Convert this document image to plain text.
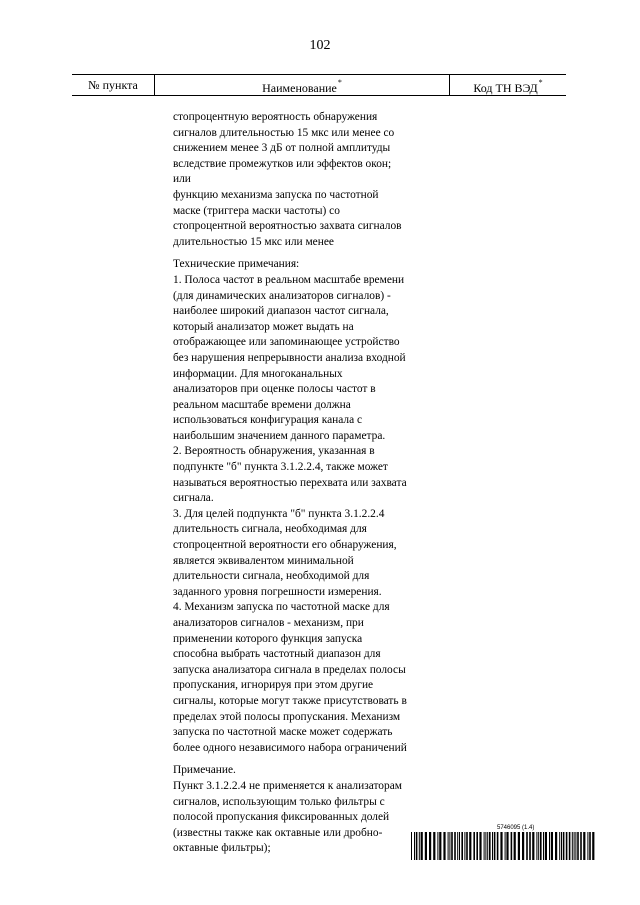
102
№ пункта	Наименование*	Код ТН ВЭД*
стопроцентную вероятность обнаружения
сигналов длительностью 15 мкс или менее со
снижением менее 3 дБ от полной амплитуды
вследствие промежутков или эффектов окон;
или
функцию механизма запуска по частотной
маске (триггера маски частоты) со
стопроцентной вероятностью захвата сигналов
длительностью 15 мкс или менее
Технические примечания:
1. Полоса частот в реальном масштабе времени
(для динамических анализаторов сигналов) -
наиболее широкий диапазон частот сигнала,
который анализатор может выдать на
отображающее или запоминающее устройство
без нарушения непрерывности анализа входной
информации. Для многоканальных
анализаторов при оценке полосы частот в
реальном масштабе времени должна
использоваться конфигурация канала с
наибольшим значением данного параметра.
2. Вероятность обнаружения, указанная в
подпункте "б" пункта 3.1.2.2.4, также может
называться вероятностью перехвата или захвата
сигнала.
3. Для целей подпункта "б" пункта 3.1.2.2.4
длительность сигнала, необходимая для
стопроцентной вероятности его обнаружения,
является эквивалентом минимальной
длительности сигнала, необходимой для
заданного уровня погрешности измерения.
4. Механизм запуска по частотной маске для
анализаторов сигналов - механизм, при
применении которого функция запуска
способна выбрать частотный диапазон для
запуска анализатора сигнала в пределах полосы
пропускания, игнорируя при этом другие
сигналы, которые могут также присутствовать в
пределах этой полосы пропускания. Механизм
запуска по частотной маске может содержать
более одного независимого набора ограничений
Примечание.
Пункт 3.1.2.2.4 не применяется к анализаторам
сигналов, использующим только фильтры с
полосой пропускания фиксированных долей
(известны также как октавные или дробно-
октавные фильтры);
5746095 (1.4)
